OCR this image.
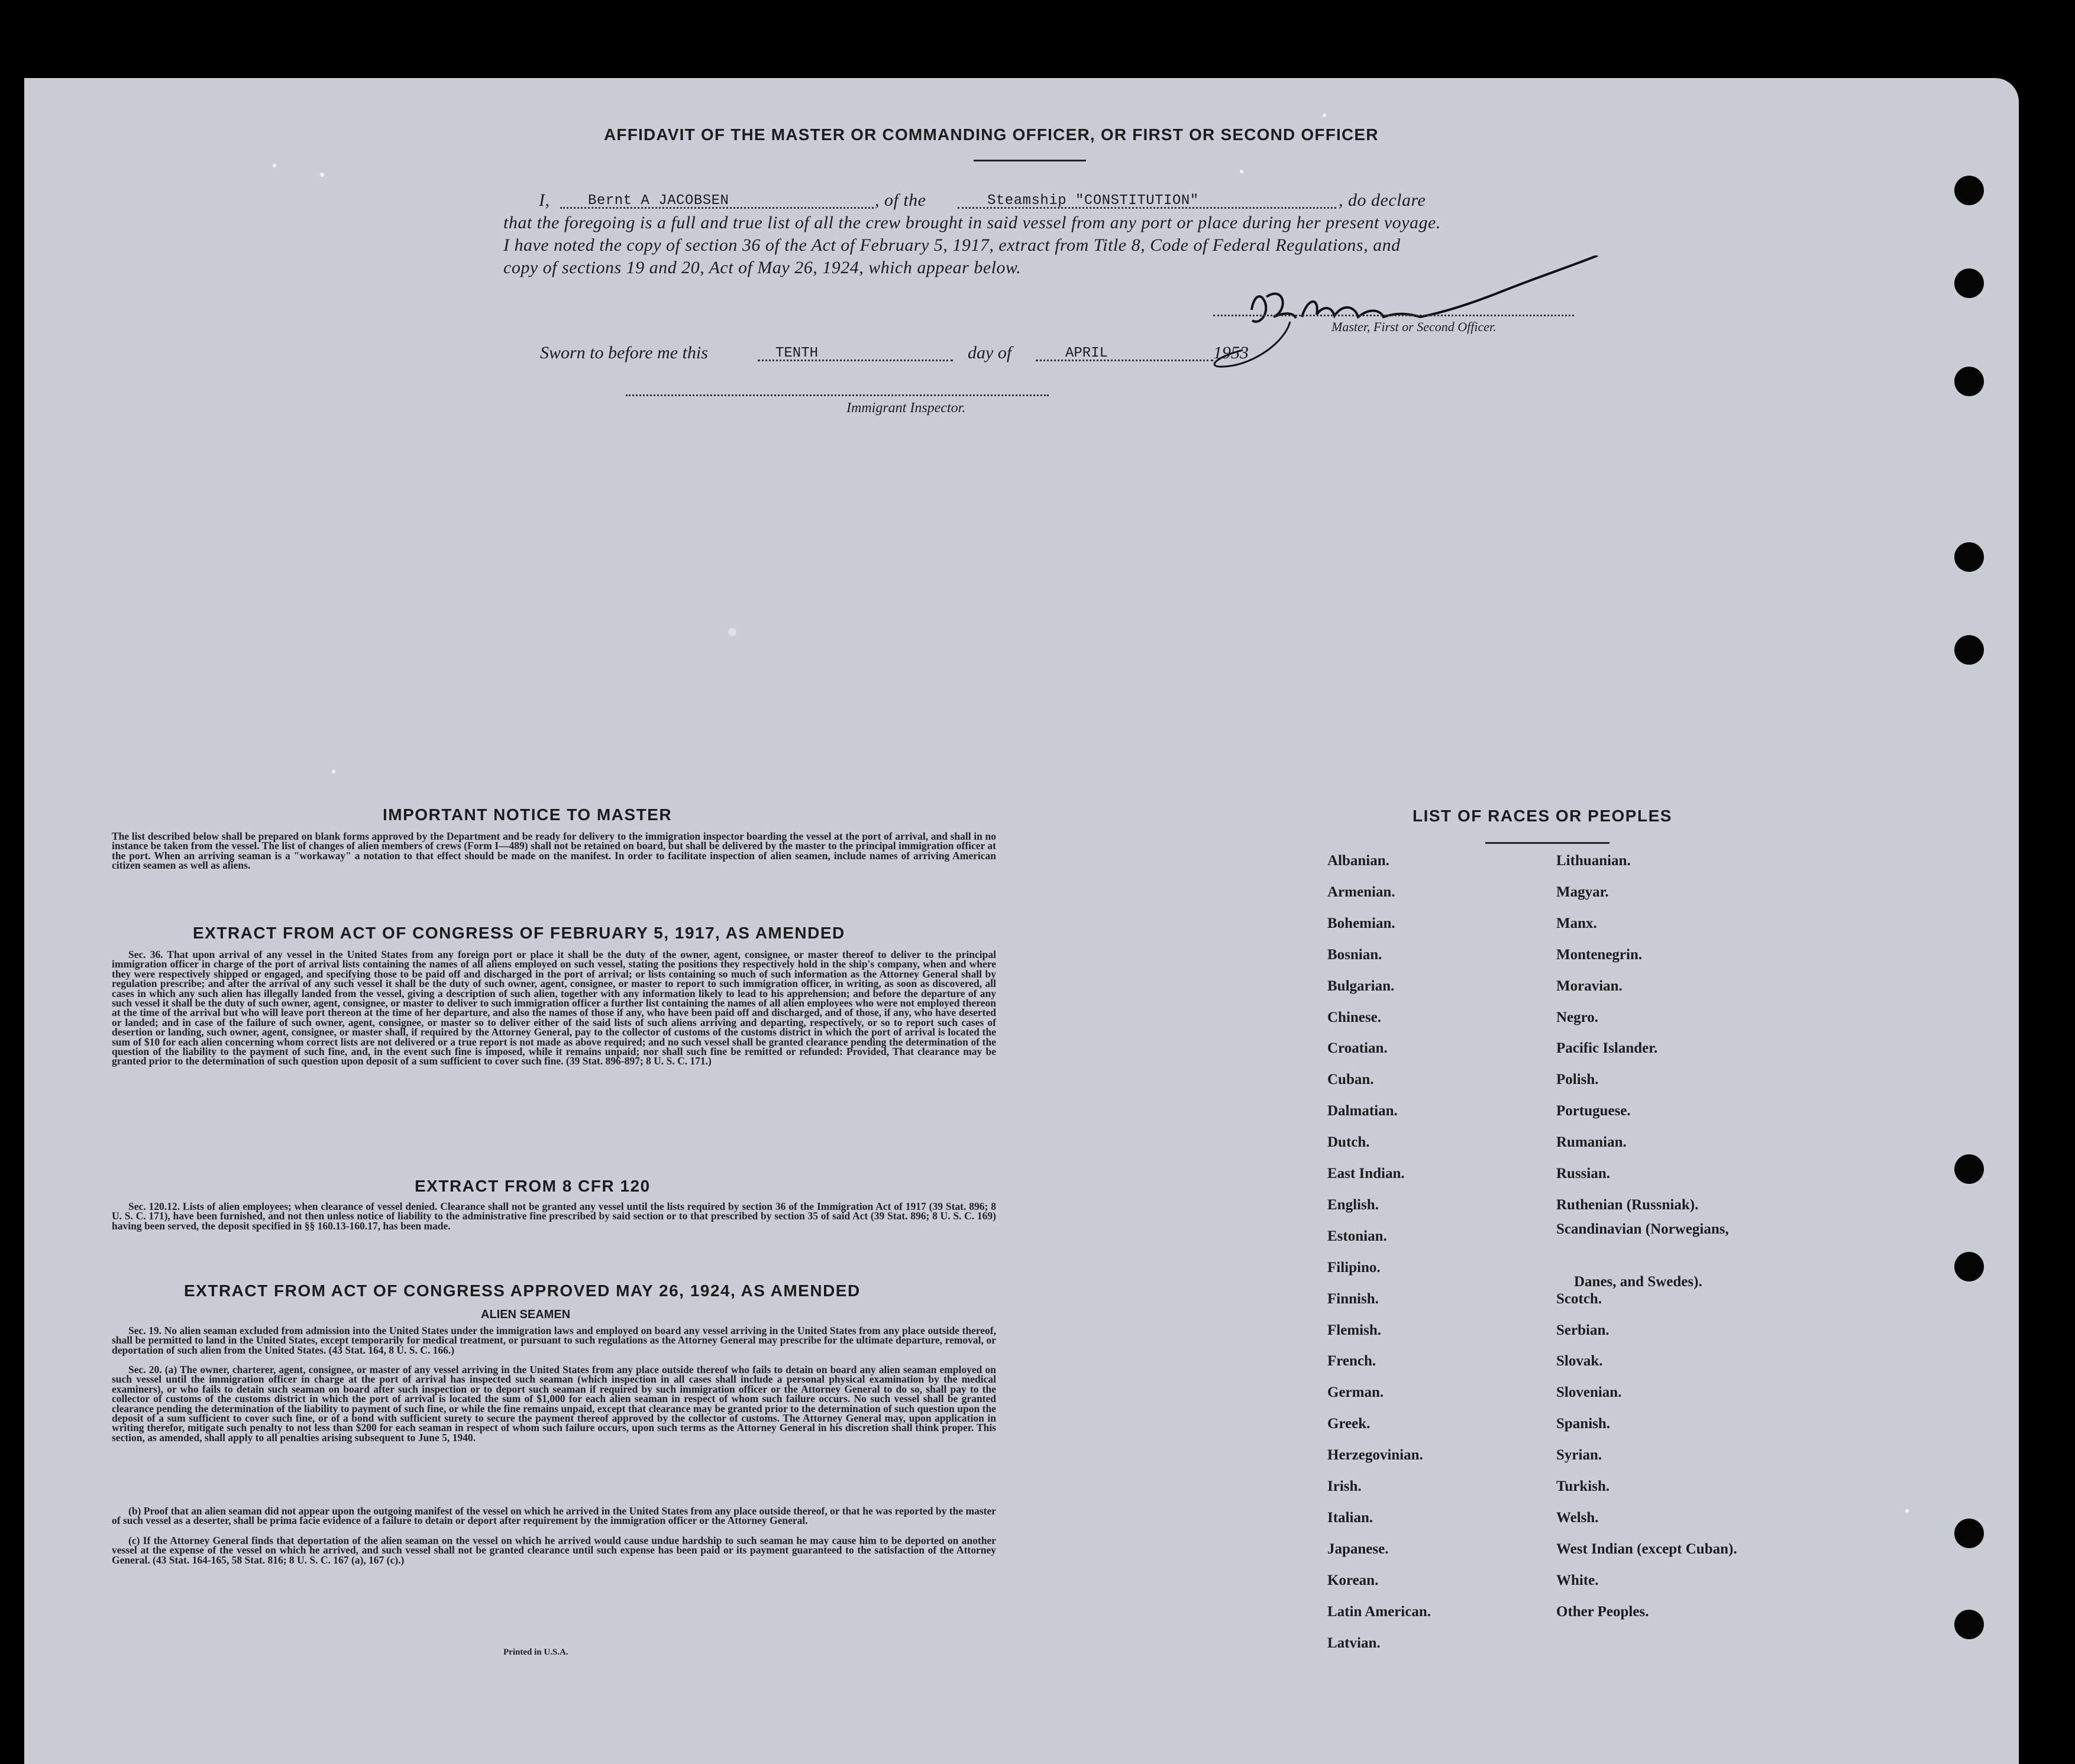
AFFIDAVIT OF THE MASTER OR COMMANDING OFFICER, OR FIRST OR SECOND OFFICER
I,	Bernt A JACOBSEN	, of the	Steamship "CONSTITUTION"	, do declare
that the foregoing is a full and true list of all the crew brought in said vessel from any port or place during her present voyage.
I have noted the copy of section 36 of the Act of February 5, 1917, extract from Title 8, Code of Federal Regulations, and
copy of sections 19 and 20, Act of May 26, 1924, which appear below.
Master, First or Second Officer.
Sworn to before me this	TENTH	day of	APRIL	1953
Immigrant Inspector.
IMPORTANT NOTICE TO MASTER
The list described below shall be prepared on blank forms approved by the Department and be ready for delivery to the immigration inspector boarding the vessel at the port of arrival, and shall in no instance be taken from the vessel. The list of changes of alien members of crews (Form I—489) shall not be retained on board, but shall be delivered by the master to the principal immigration officer at the port. When an arriving seaman is a "workaway" a notation to that effect should be made on the manifest. In order to facilitate inspection of alien seamen, include names of arriving American citizen seamen as well as aliens.
EXTRACT FROM ACT OF CONGRESS OF FEBRUARY 5, 1917, AS AMENDED
Sec. 36. That upon arrival of any vessel in the United States from any foreign port or place it shall be the duty of the owner, agent, consignee, or master thereof to deliver to the principal immigration officer in charge of the port of arrival lists containing the names of all aliens employed on such vessel, stating the positions they respectively hold in the ship's company, when and where they were respectively shipped or engaged, and specifying those to be paid off and discharged in the port of arrival; or lists containing so much of such information as the Attorney General shall by regulation prescribe; and after the arrival of any such vessel it shall be the duty of such owner, agent, consignee, or master to report to such immigration officer, in writing, as soon as discovered, all cases in which any such alien has illegally landed from the vessel, giving a description of such alien, together with any information likely to lead to his apprehension; and before the departure of any such vessel it shall be the duty of such owner, agent, consignee, or master to deliver to such immigration officer a further list containing the names of all alien employees who were not employed thereon at the time of the arrival but who will leave port thereon at the time of her departure, and also the names of those if any, who have been paid off and discharged, and of those, if any, who have deserted or landed; and in case of the failure of such owner, agent, consignee, or master so to deliver either of the said lists of such aliens arriving and departing, respectively, or so to report such cases of desertion or landing, such owner, agent, consignee, or master shall, if required by the Attorney General, pay to the collector of customs of the customs district in which the port of arrival is located the sum of $10 for each alien concerning whom correct lists are not delivered or a true report is not made as above required; and no such vessel shall be granted clearance pending the determination of the question of the liability to the payment of such fine, and, in the event such fine is imposed, while it remains unpaid; nor shall such fine be remitted or refunded: Provided, That clearance may be granted prior to the determination of such question upon deposit of a sum sufficient to cover such fine. (39 Stat. 896-897; 8 U. S. C. 171.)
EXTRACT FROM 8 CFR 120
Sec. 120.12. Lists of alien employees; when clearance of vessel denied. Clearance shall not be granted any vessel until the lists required by section 36 of the Immigration Act of 1917 (39 Stat. 896; 8 U. S. C. 171), have been furnished, and not then unless notice of liability to the administrative fine prescribed by said section or to that prescribed by section 35 of said Act (39 Stat. 896; 8 U. S. C. 169) having been served, the deposit specified in §§ 160.13-160.17, has been made.
EXTRACT FROM ACT OF CONGRESS APPROVED MAY 26, 1924, AS AMENDED
ALIEN SEAMEN
Sec. 19. No alien seaman excluded from admission into the United States under the immigration laws and employed on board any vessel arriving in the United States from any place outside thereof, shall be permitted to land in the United States, except temporarily for medical treatment, or pursuant to such regulations as the Attorney General may prescribe for the ultimate departure, removal, or deportation of such alien from the United States. (43 Stat. 164, 8 U. S. C. 166.)
Sec. 20. (a) The owner, charterer, agent, consignee, or master of any vessel arriving in the United States from any place outside thereof who fails to detain on board any alien seaman employed on such vessel until the immigration officer in charge at the port of arrival has inspected such seaman (which inspection in all cases shall include a personal physical examination by the medical examiners), or who fails to detain such seaman on board after such inspection or to deport such seaman if required by such immigration officer or the Attorney General to do so, shall pay to the collector of customs of the customs district in which the port of arrival is located the sum of $1,000 for each alien seaman in respect of whom such failure occurs. No such vessel shall be granted clearance pending the determination of the liability to payment of such fine, or while the fine remains unpaid, except that clearance may be granted prior to the determination of such question upon the deposit of a sum sufficient to cover such fine, or of a bond with sufficient surety to secure the payment thereof approved by the collector of customs. The Attorney General may, upon application in writing therefor, mitigate such penalty to not less than $200 for each seaman in respect of whom such failure occurs, upon such terms as the Attorney General in his discretion shall think proper. This section, as amended, shall apply to all penalties arising subsequent to June 5, 1940.
(b) Proof that an alien seaman did not appear upon the outgoing manifest of the vessel on which he arrived in the United States from any place outside thereof, or that he was reported by the master of such vessel as a deserter, shall be prima facie evidence of a failure to detain or deport after requirement by the immigration officer or the Attorney General.
(c) If the Attorney General finds that deportation of the alien seaman on the vessel on which he arrived would cause undue hardship to such seaman he may cause him to be deported on another vessel at the expense of the vessel on which he arrived, and such vessel shall not be granted clearance until such expense has been paid or its payment guaranteed to the satisfaction of the Attorney General. (43 Stat. 164-165, 58 Stat. 816; 8 U. S. C. 167 (a), 167 (c).)
Printed in U.S.A.
LIST OF RACES OR PEOPLES
Albanian.
Armenian.
Bohemian.
Bosnian.
Bulgarian.
Chinese.
Croatian.
Cuban.
Dalmatian.
Dutch.
East Indian.
English.
Estonian.
Filipino.
Finnish.
Flemish.
French.
German.
Greek.
Herzegovinian.
Irish.
Italian.
Japanese.
Korean.
Latin American.
Latvian.
Lithuanian.
Magyar.
Manx.
Montenegrin.
Moravian.
Negro.
Pacific Islander.
Polish.
Portuguese.
Rumanian.
Russian.
Ruthenian (Russniak).
Scandinavian (Norwegians,
Danes, and Swedes).
Scotch.
Serbian.
Slovak.
Slovenian.
Spanish.
Syrian.
Turkish.
Welsh.
West Indian (except Cuban).
White.
Other Peoples.
